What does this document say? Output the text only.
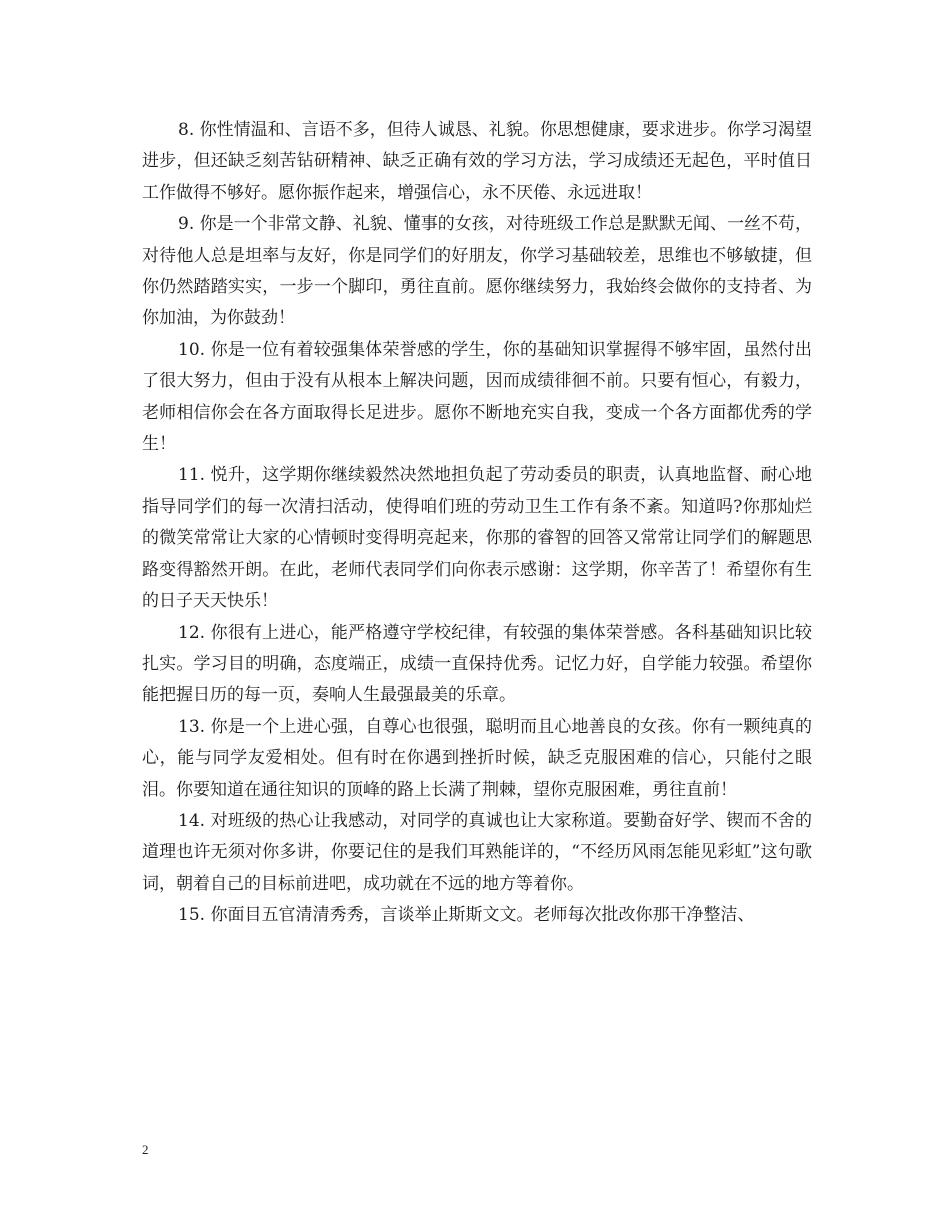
8. 你性情温和、言语不多，但待人诚恳、礼貌。你思想健康，要求进步。你学习渴望进步，但还缺乏刻苦钻研精神、缺乏正确有效的学习方法，学习成绩还无起色，平时值日工作做得不够好。愿你振作起来，增强信心，永不厌倦、永远进取！

9. 你是一个非常文静、礼貌、懂事的女孩，对待班级工作总是默默无闻、一丝不苟，对待他人总是坦率与友好，你是同学们的好朋友，你学习基础较差，思维也不够敏捷，但你仍然踏踏实实，一步一个脚印，勇往直前。愿你继续努力，我始终会做你的支持者、为你加油，为你鼓劲！

10. 你是一位有着较强集体荣誉感的学生，你的基础知识掌握得不够牢固，虽然付出了很大努力，但由于没有从根本上解决问题，因而成绩徘徊不前。只要有恒心，有毅力，老师相信你会在各方面取得长足进步。愿你不断地充实自我，变成一个各方面都优秀的学生！

11. 悦升，这学期你继续毅然决然地担负起了劳动委员的职责，认真地监督、耐心地指导同学们的每一次清扫活动，使得咱们班的劳动卫生工作有条不紊。知道吗?你那灿烂的微笑常常让大家的心情顿时变得明亮起来，你那的睿智的回答又常常让同学们的解题思路变得豁然开朗。在此，老师代表同学们向你表示感谢：这学期，你辛苦了！希望你有生的日子天天快乐！

12. 你很有上进心，能严格遵守学校纪律，有较强的集体荣誉感。各科基础知识比较扎实。学习目的明确，态度端正，成绩一直保持优秀。记忆力好，自学能力较强。希望你能把握日历的每一页，奏响人生最强最美的乐章。

13. 你是一个上进心强，自尊心也很强，聪明而且心地善良的女孩。你有一颗纯真的心，能与同学友爱相处。但有时在你遇到挫折时候，缺乏克服困难的信心，只能付之眼泪。你要知道在通往知识的顶峰的路上长满了荆棘，望你克服困难，勇往直前！

14. 对班级的热心让我感动，对同学的真诚也让大家称道。要勤奋好学、锲而不舍的道理也许无须对你多讲，你要记住的是我们耳熟能详的，“不经历风雨怎能见彩虹”这句歌词，朝着自己的目标前进吧，成功就在不远的地方等着你。

15. 你面目五官清清秀秀，言谈举止斯斯文文。老师每次批改你那干净整洁、

2
